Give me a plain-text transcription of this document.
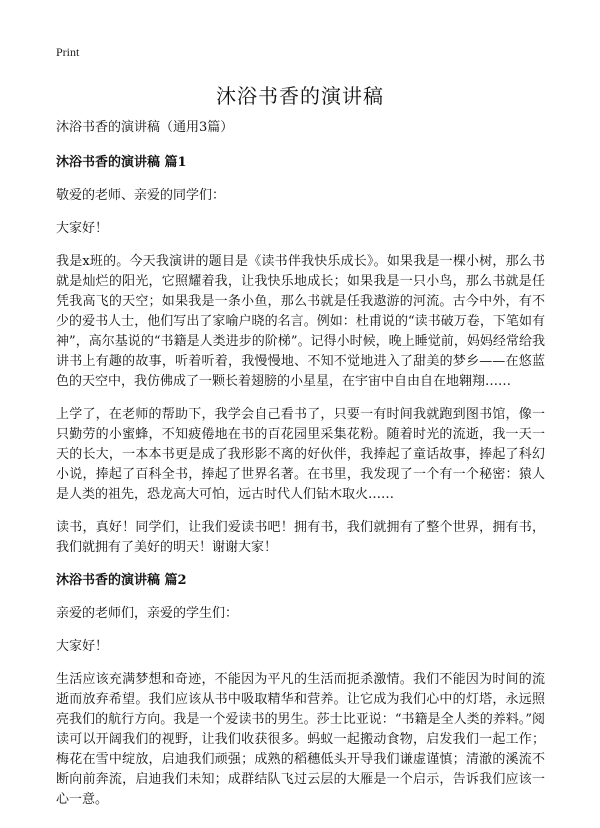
Print
沐浴书香的演讲稿

沐浴书香的演讲稿（通用3篇）

沐浴书香的演讲稿 篇1

敬爱的老师、亲爱的同学们：

大家好！

我是x班的。今天我演讲的题目是《读书伴我快乐成长》。如果我是一棵小树，那么书就是灿烂的阳光，它照耀着我，让我快乐地成长；如果我是一只小鸟，那么书就是任凭我高飞的天空；如果我是一条小鱼，那么书就是任我遨游的河流。古今中外，有不少的爱书人士，他们写出了家喻户晓的名言。例如：杜甫说的“读书破万卷，下笔如有神”，高尔基说的“书籍是人类进步的阶梯”。记得小时候，晚上睡觉前，妈妈经常给我讲书上有趣的故事，听着听着，我慢慢地、不知不觉地进入了甜美的梦乡——在悠蓝色的天空中，我仿佛成了一颗长着翅膀的小星星，在宇宙中自由自在地翱翔……

上学了，在老师的帮助下，我学会自己看书了，只要一有时间我就跑到图书馆，像一只勤劳的小蜜蜂，不知疲倦地在书的百花园里采集花粉。随着时光的流逝，我一天一天的长大，一本本书更是成了我形影不离的好伙伴，我捧起了童话故事，捧起了科幻小说，捧起了百科全书，捧起了世界名著。在书里，我发现了一个有一个秘密：猿人是人类的祖先，恐龙高大可怕，远古时代人们钻木取火……

读书，真好！同学们，让我们爱读书吧！拥有书，我们就拥有了整个世界，拥有书，我们就拥有了美好的明天！谢谢大家！

沐浴书香的演讲稿 篇2

亲爱的老师们，亲爱的学生们：

大家好！

生活应该充满梦想和奇迹，不能因为平凡的生活而扼杀激情。我们不能因为时间的流逝而放弃希望。我们应该从书中吸取精华和营养。让它成为我们心中的灯塔，永远照亮我们的航行方向。我是一个爱读书的男生。莎士比亚说：“书籍是全人类的养料。”阅读可以开阔我们的视野，让我们收获很多。蚂蚁一起搬动食物，启发我们一起工作；梅花在雪中绽放，启迪我们顽强；成熟的稻穗低头开导我们谦虚谨慎；清澈的溪流不断向前奔流，启迪我们未知；成群结队飞过云层的大雁是一个启示，告诉我们应该一心一意。
